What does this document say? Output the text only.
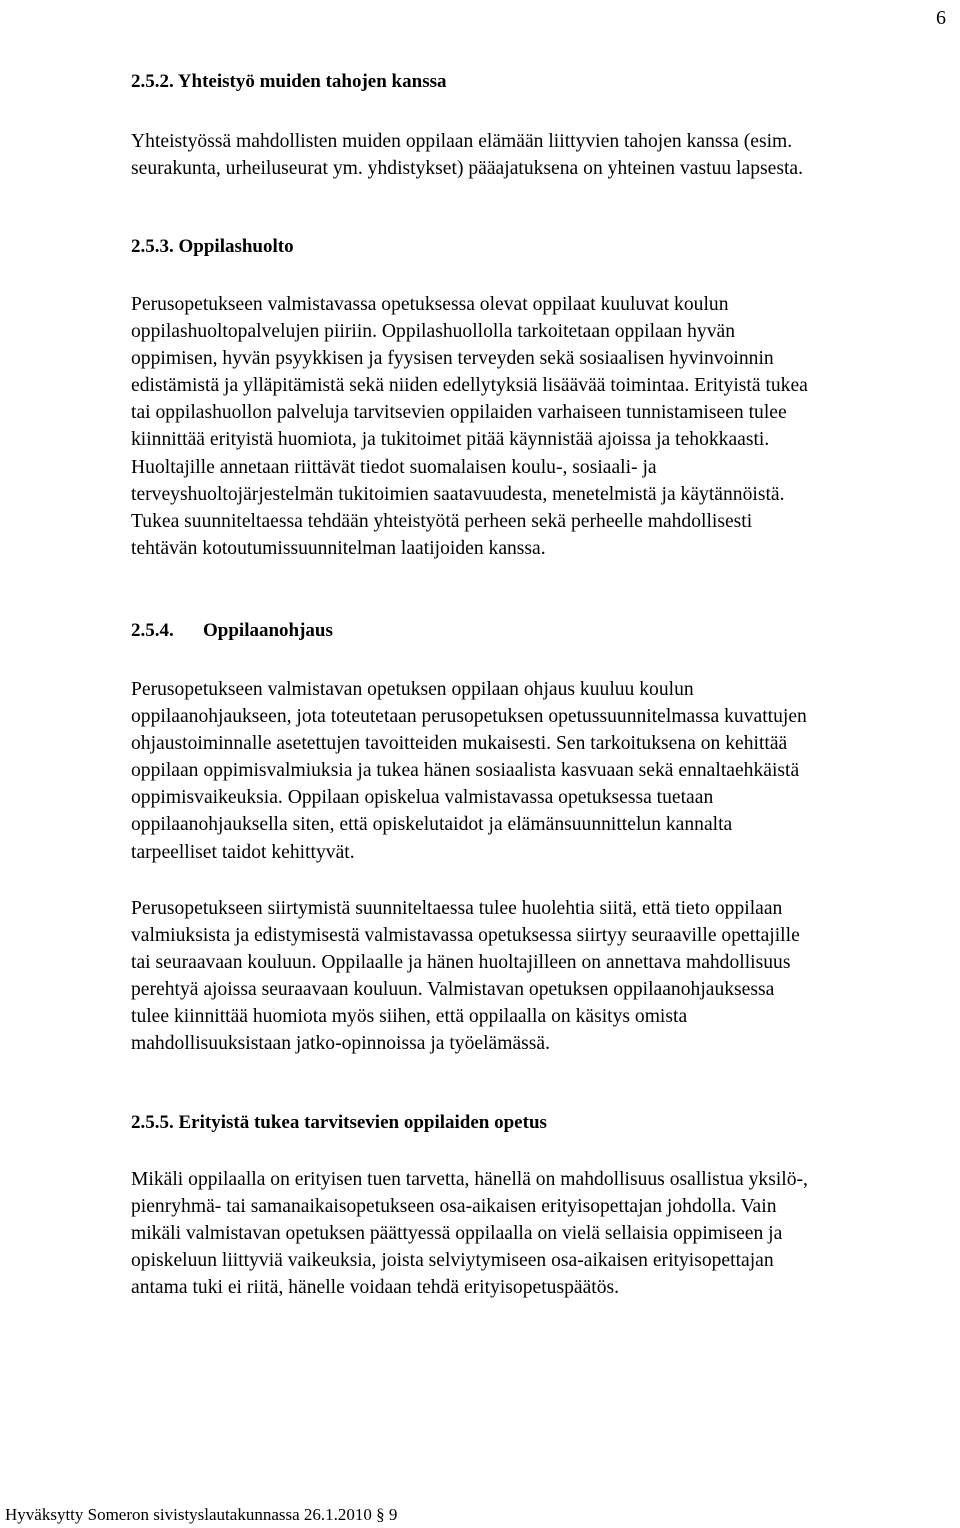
6
2.5.2. Yhteistyö muiden tahojen kanssa
Yhteistyössä mahdollisten muiden oppilaan elämään liittyvien tahojen kanssa (esim.
seurakunta, urheiluseurat ym. yhdistykset) pääajatuksena on yhteinen vastuu lapsesta.
2.5.3. Oppilashuolto
Perusopetukseen valmistavassa opetuksessa olevat oppilaat kuuluvat koulun
oppilashuoltopalvelujen piiriin. Oppilashuollolla tarkoitetaan oppilaan hyvän
oppimisen, hyvän psyykkisen ja fyysisen terveyden sekä sosiaalisen hyvinvoinnin
edistämistä ja ylläpitämistä sekä niiden edellytyksiä lisäävää toimintaa. Erityistä tukea
tai oppilashuollon palveluja tarvitsevien oppilaiden varhaiseen tunnistamiseen tulee
kiinnittää erityistä huomiota, ja tukitoimet pitää käynnistää ajoissa ja tehokkaasti.
Huoltajille annetaan riittävät tiedot suomalaisen koulu-, sosiaali- ja
terveyshuoltojärjestelmän tukitoimien saatavuudesta, menetelmistä ja käytännöistä.
Tukea suunniteltaessa tehdään yhteistyötä perheen sekä perheelle mahdollisesti
tehtävän kotoutumissuunnitelman laatijoiden kanssa.
2.5.4. Oppilaanohjaus
Perusopetukseen valmistavan opetuksen oppilaan ohjaus kuuluu koulun
oppilaanohjaukseen, jota toteutetaan perusopetuksen opetussuunnitelmassa kuvattujen
ohjaustoiminnalle asetettujen tavoitteiden mukaisesti. Sen tarkoituksena on kehittää
oppilaan oppimisvalmiuksia ja tukea hänen sosiaalista kasvuaan sekä ennaltaehkäistä
oppimisvaikeuksia. Oppilaan opiskelua valmistavassa opetuksessa tuetaan
oppilaanohjauksella siten, että opiskelutaidot ja elämänsuunnittelun kannalta
tarpeelliset taidot kehittyvät.
Perusopetukseen siirtymistä suunniteltaessa tulee huolehtia siitä, että tieto oppilaan
valmiuksista ja edistymisestä valmistavassa opetuksessa siirtyy seuraaville opettajille
tai seuraavaan kouluun. Oppilaalle ja hänen huoltajilleen on annettava mahdollisuus
perehtyä ajoissa seuraavaan kouluun. Valmistavan opetuksen oppilaanohjauksessa
tulee kiinnittää huomiota myös siihen, että oppilaalla on käsitys omista
mahdollisuuksistaan jatko-opinnoissa ja työelämässä.
2.5.5. Erityistä tukea tarvitsevien oppilaiden opetus
Mikäli oppilaalla on erityisen tuen tarvetta, hänellä on mahdollisuus osallistua yksilö-,
pienryhmä- tai samanaikaisopetukseen osa-aikaisen erityisopettajan johdolla. Vain
mikäli valmistavan opetuksen päättyessä oppilaalla on vielä sellaisia oppimiseen ja
opiskeluun liittyviä vaikeuksia, joista selviytymiseen osa-aikaisen erityisopettajan
antama tuki ei riitä, hänelle voidaan tehdä erityisopetuspäätös.
Hyväksytty Someron sivistyslautakunnassa 26.1.2010 § 9
